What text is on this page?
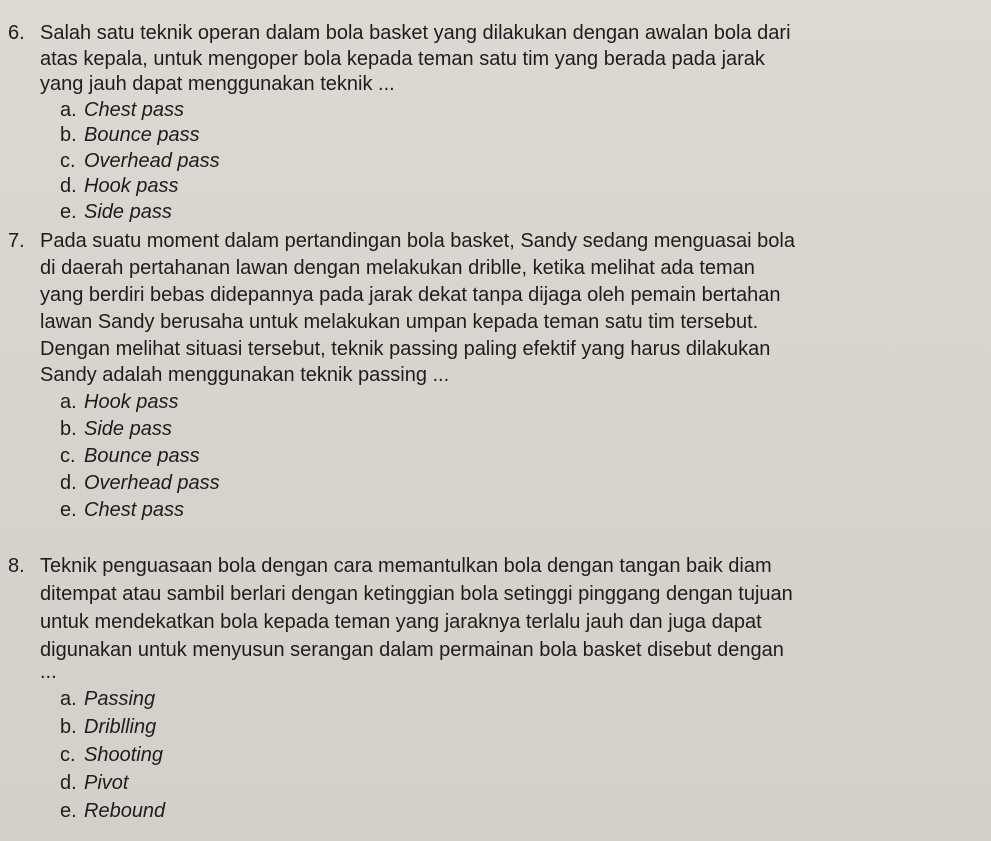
6. Salah satu teknik operan dalam bola basket yang dilakukan dengan awalan bola dari
atas kepala, untuk mengoper bola kepada teman satu tim yang berada pada jarak
yang jauh dapat menggunakan teknik ...
a. Chest pass
b. Bounce pass
c. Overhead pass
d. Hook pass
e. Side pass
7. Pada suatu moment dalam pertandingan bola basket, Sandy sedang menguasai bola
di daerah pertahanan lawan dengan melakukan driblle, ketika melihat ada teman
yang berdiri bebas didepannya pada jarak dekat tanpa dijaga oleh pemain bertahan
lawan Sandy berusaha untuk melakukan umpan kepada teman satu tim tersebut.
Dengan melihat situasi tersebut, teknik passing paling efektif yang harus dilakukan
Sandy adalah menggunakan teknik passing ...
a. Hook pass
b. Side pass
c. Bounce pass
d. Overhead pass
e. Chest pass
8. Teknik penguasaan bola dengan cara memantulkan bola dengan tangan baik diam
ditempat atau sambil berlari dengan ketinggian bola setinggi pinggang dengan tujuan
untuk mendekatkan bola kepada teman yang jaraknya terlalu jauh dan juga dapat
digunakan untuk menyusun serangan dalam permainan bola basket disebut dengan
...
a. Passing
b. Driblling
c. Shooting
d. Pivot
e. Rebound
